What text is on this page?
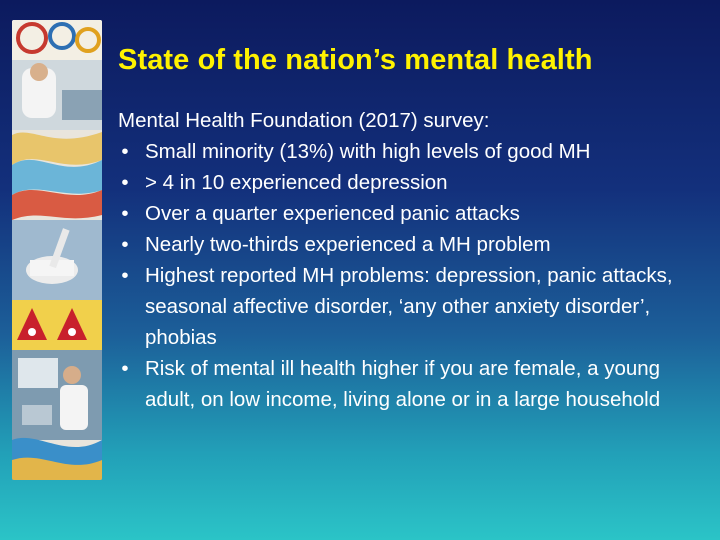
State of the nation’s mental health
Mental Health Foundation (2017) survey:
• Small minority (13%) with high levels of good MH
• > 4 in 10 experienced depression
• Over a quarter experienced panic attacks
• Nearly two-thirds experienced a MH problem
• Highest reported MH problems: depression, panic attacks, seasonal affective disorder, ‘any other anxiety disorder’, phobias
• Risk of mental ill health higher if you are female, a young adult, on low income, living alone or in a large household
